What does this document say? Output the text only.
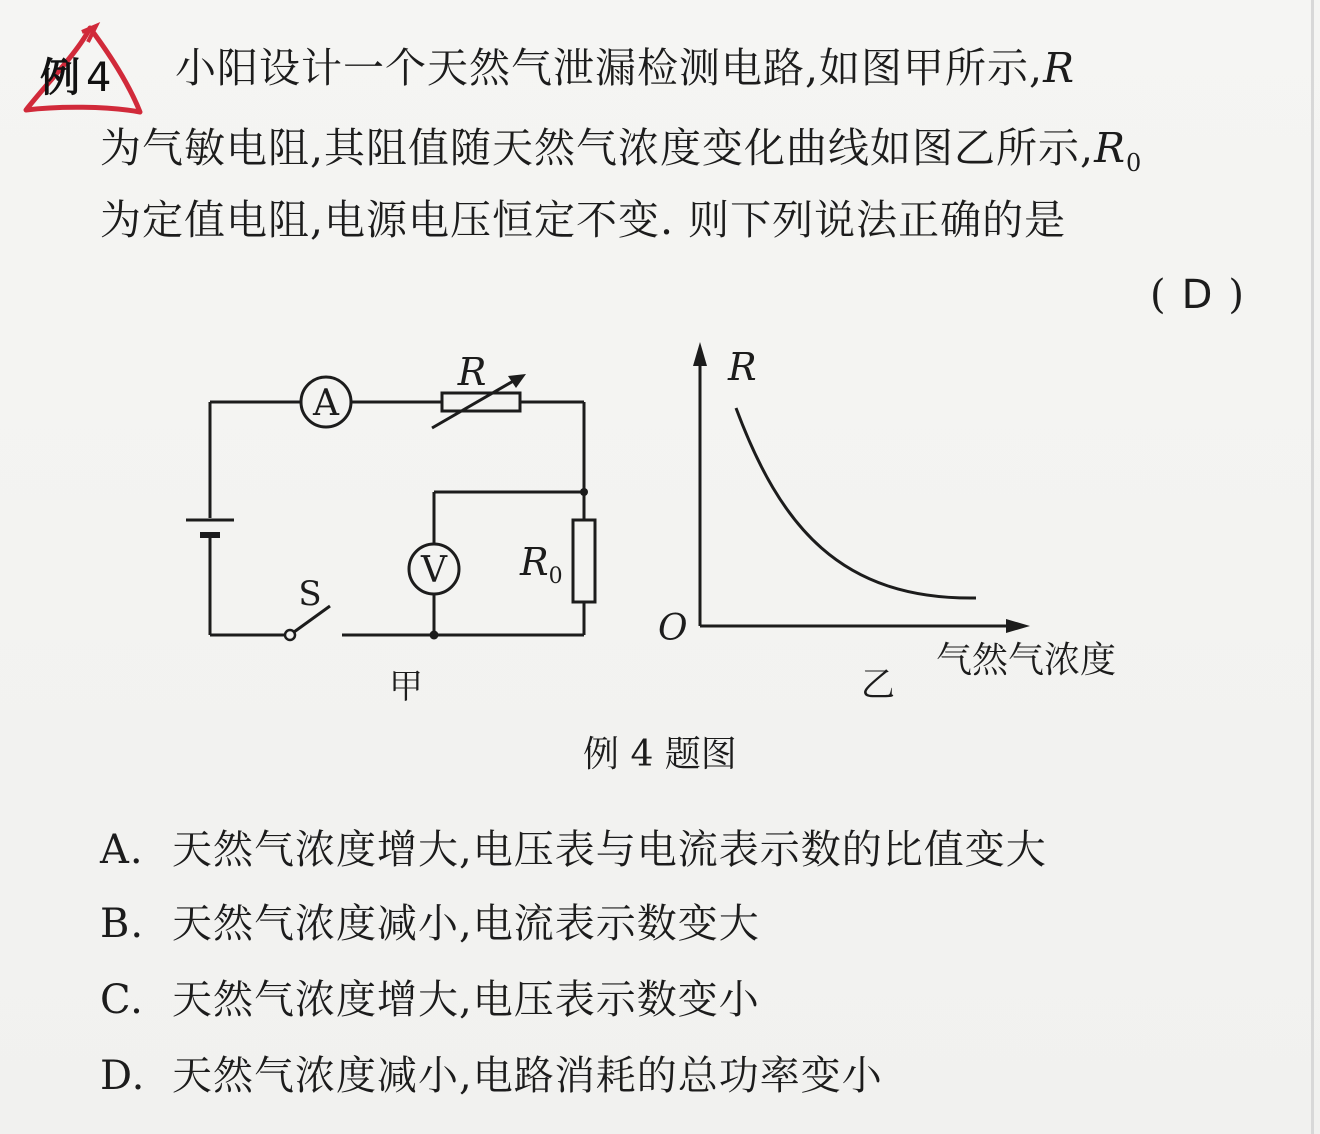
例 4 小阳设计一个天然气泄漏检测电路,如图甲所示,R
为气敏电阻,其阻值随天然气浓度变化曲线如图乙所示$,R_0$
为定值电阻,电源电压恒定不变. 则下列说法正确的是
( D )
A
R
$R_0$
V
S
甲
R
O
气然气浓度
乙
例 4 题图
A. 天然气浓度增大,电压表与电流表示数的比值变大
B. 天然气浓度减小,电流表示数变大
C. 天然气浓度增大,电压表示数变小
D. 天然气浓度减小,电路消耗的总功率变小
